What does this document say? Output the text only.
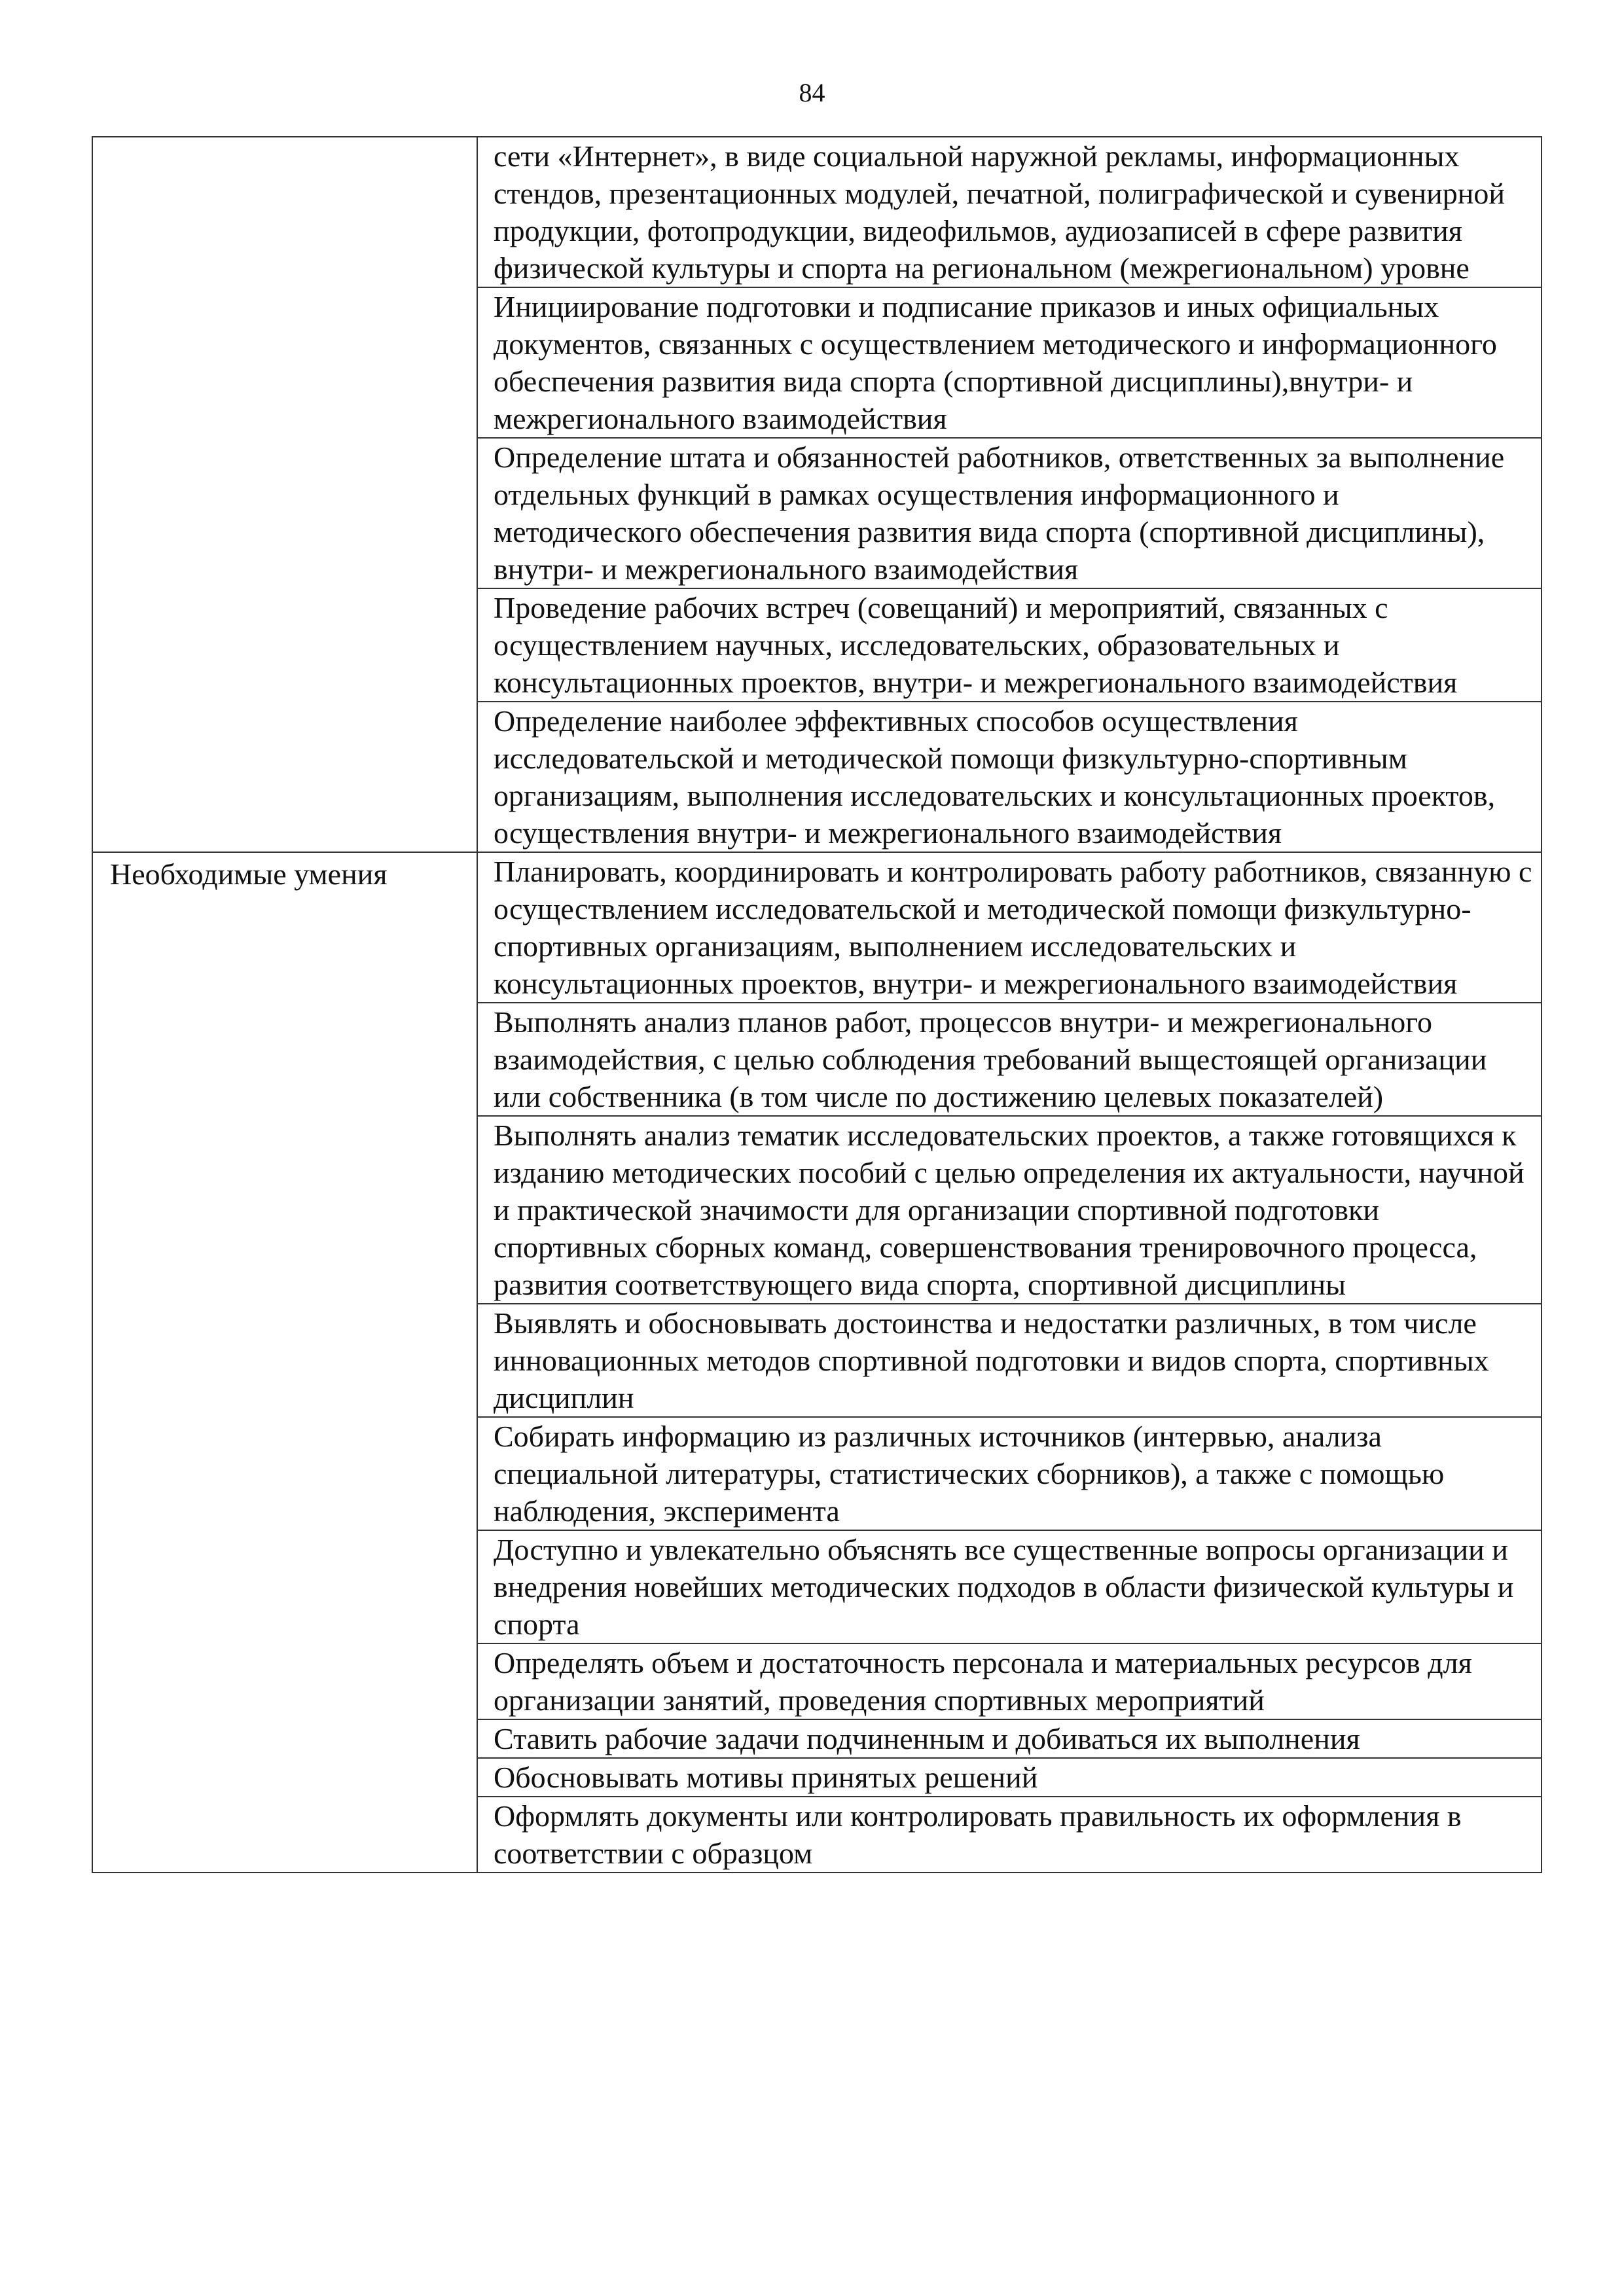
84

	сети «Интернет», в виде социальной наружной рекламы, информационных стендов, презентационных модулей, печатной, полиграфической и сувенирной продукции, фотопродукции, видеофильмов, аудиозаписей в сфере развития физической культуры и спорта на региональном (межрегиональном) уровне

	Инициирование подготовки и подписание приказов и иных официальных документов, связанных с осуществлением методического и информационного обеспечения развития вида спорта (спортивной дисциплины),внутри- и межрегионального взаимодействия

	Определение штата и обязанностей работников, ответственных за выполнение отдельных функций в рамках осуществления информационного и методического обеспечения развития вида спорта (спортивной дисциплины), внутри- и межрегионального взаимодействия

	Проведение рабочих встреч (совещаний) и мероприятий, связанных с осуществлением научных, исследовательских, образовательных и консультационных проектов, внутри- и межрегионального взаимодействия

	Определение наиболее эффективных способов осуществления исследовательской и методической помощи физкультурно-спортивным организациям, выполнения исследовательских и консультационных проектов, осуществления внутри- и межрегионального взаимодействия

Необходимые умения	Планировать, координировать и контролировать работу работников, связанную с осуществлением исследовательской и методической помощи физкультурно-спортивных организациям, выполнением исследовательских и консультационных проектов, внутри- и межрегионального взаимодействия

	Выполнять анализ планов работ, процессов внутри- и межрегионального взаимодействия, с целью соблюдения требований выщестоящей организации или собственника (в том числе по достижению целевых показателей)

	Выполнять анализ тематик исследовательских проектов, а также готовящихся к изданию методических пособий с целью определения их актуальности, научной и практической значимости для организации спортивной подготовки спортивных сборных команд, совершенствования тренировочного процесса, развития соответствующего вида спорта, спортивной дисциплины

	Выявлять и обосновывать достоинства и недостатки различных, в том числе инновационных методов спортивной подготовки и видов спорта, спортивных дисциплин

	Собирать информацию из различных источников (интервью, анализа специальной литературы, статистических сборников), а также с помощью наблюдения, эксперимента

	Доступно и увлекательно объяснять все существенные вопросы организации и внедрения новейших методических подходов в области физической культуры и спорта

	Определять объем и достаточность персонала и материальных ресурсов для организации занятий, проведения спортивных мероприятий

	Ставить рабочие задачи подчиненным и добиваться их выполнения

	Обосновывать мотивы принятых решений

	Оформлять документы или контролировать правильность их оформления в соответствии с образцом
